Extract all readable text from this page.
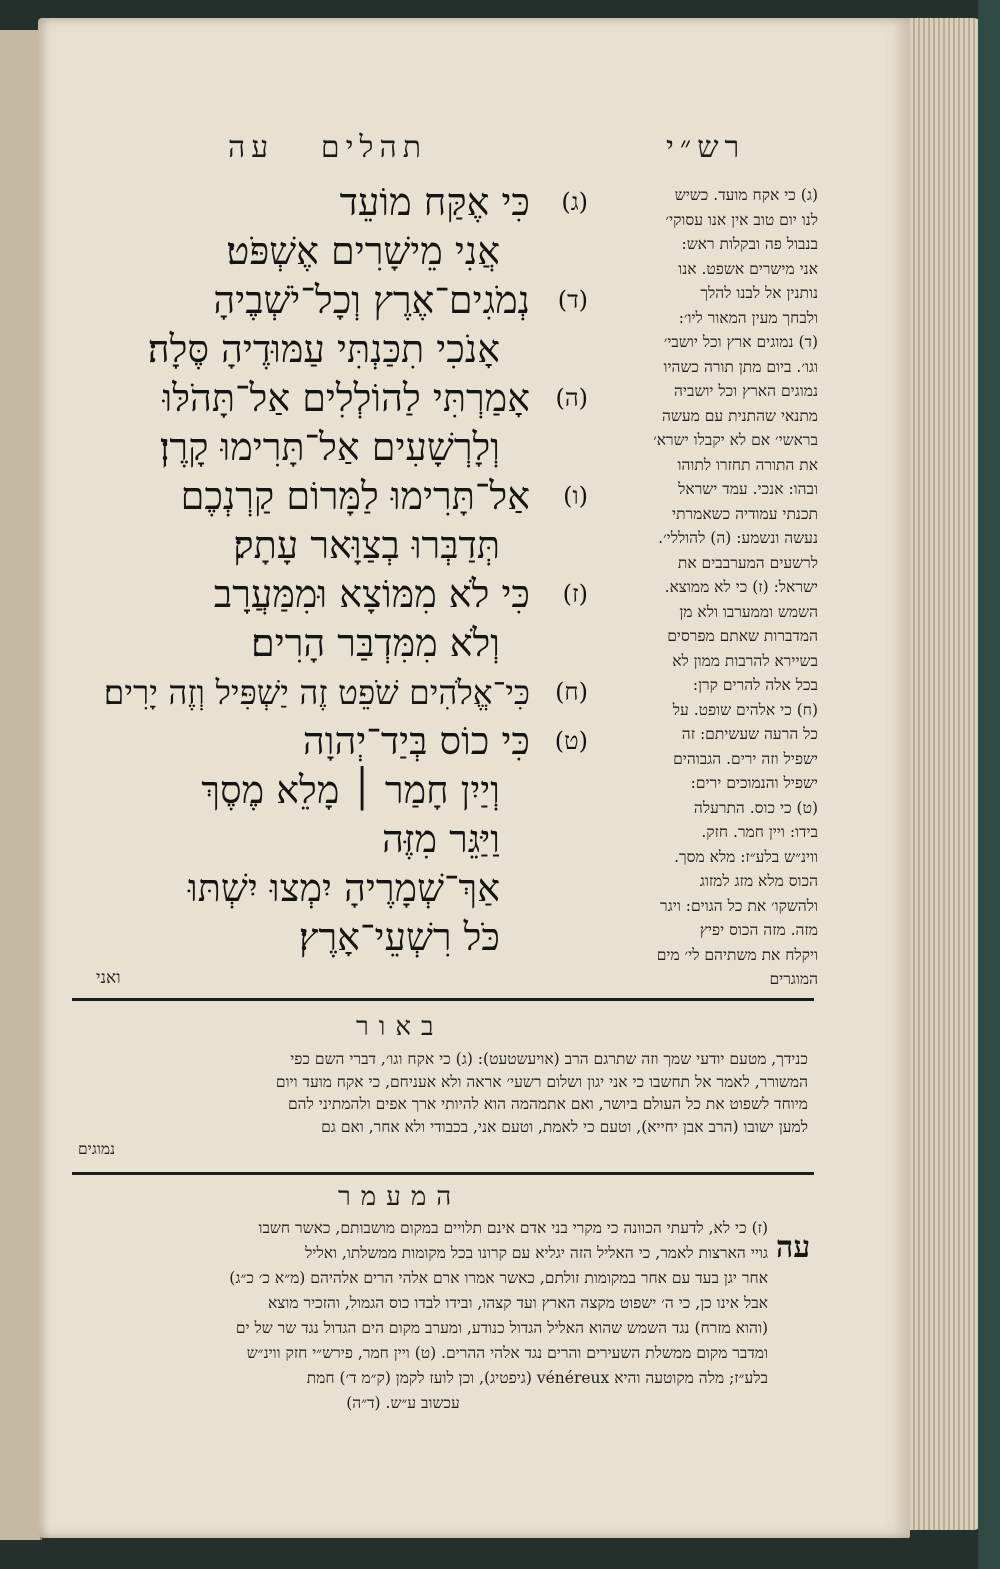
תהלים   עה	רש״י
(ג)
כִּי אֶקַּח מוֹעֵד
אֲנִי מֵישָׁרִים אֶשְׁפֹּט׃
(ד)
נְמֹגִים־אֶרֶץ וְכָל־יֹשְׁבֶיהָ
אָנֹכִי תִכַּנְתִּי עַמּוּדֶיהָ סֶּלָה׃
(ה)
אָמַרְתִּי לַהוֹלְלִים אַל־תָּהֹלּוּ
וְלָרְשָׁעִים אַל־תָּרִימוּ קָרֶן׃
(ו)
אַל־תָּרִימוּ לַמָּרוֹם קַרְנְכֶם
תְּדַבְּרוּ בְצַוָּאר עָתָק׃
(ז)
כִּי לֹא מִמּוֹצָא וּמִמַּעֲרָב
וְלֹא מִמִּדְבַּר הָרִים׃
(ח)
כִּי־אֱלֹהִים שֹׁפֵט זֶה יַשְׁפִּיל וְזֶה יָרִים׃
(ט)
כִּי כוֹס בְּיַד־יְהוָה
וְיַיִן חָמַר ׀ מָלֵא מֶסֶךְ
וַיַּגֵּר מִזֶּה
אַךְ־שְׁמָרֶיהָ יִמְצוּ יִשְׁתּוּ
כֹּל רִשְׁעֵי־אָרֶץ׃
ואני
(ג) כי אקח מועד. כשיש
לנו יום טוב אין אנו עסוקי׳
בנבול פה ובקלות ראש:
אני מישרים אשפט. אנו
נותנין אל לבנו להלך
ולבחך מעין המאור ליו׳:
(ד) נמוגים ארץ וכל יושבי׳
וגו׳. ביום מתן תורה כשהיו
נמוגים הארץ וכל יושביה
מתנאי שהתנית עם מעשה
בראשי׳ אם לא יקבלו ישרא׳
את התורה תחזרו לתוהו
ובהו: אנכי. עמד ישראל
תכנתי עמודיה כשאמרתי
נעשה ונשמע: (ה) להוללי׳.
לרשעים המערבבים את
ישראל: (ז) כי לא ממוצא.
השמש וממערבו ולא מן
המדברות שאתם מפרסים
בשיירא להרבות ממון לא
בכל אלה להרים קרן:
(ח) כי אלהים שופט. על
כל הרעה שעשיתם: זה
ישפיל וזה ירים. הגבוהים
ישפיל והנמוכים ירים:
(ט) כי כוס. התרעלה
בידו: ויין חמר. חזק.
ווינ״ש בלע״ז: מלא מסך.
הכוס מלא מזג למזוג
ולהשקו׳ את כל הגוים: ויגר
מזה. מזה הכוס יפיץ
ויקלח את משתיהם לי׳ מים
המוגרים
באור
כנידך, מטעם יודעי שמך וזה שתרגם הרב (אויעשטעט): (ג) כי אקח וגו׳, דברי השם כפי
המשורר, לאמר אל תחשבו כי אני יגון ושלום רשעי׳ אראה ולא אעניחם, כי אקח מועד ויום
מיוחד לשפוט את כל העולם ביושר, ואם אתמהמה הוא להיותי ארך אפים ולהמתיני להם
למען ישובו (הרב אבן יחייא), וטעם כי לאמת, וטעם אני, בכבודי ולא אחר, ואם גם
נמוגים
המעמר
עה
(ז) כי לא, לדעתי הכוונה כי מקרי בני אדם אינם תלויים במקום מושבותם, כאשר חשבו
גויי הארצות לאמר, כי האליל הזה יגליא עם קרונו בכל מקומות ממשלתו, ואליל
אחר יגן בעד עם אחר במקומות זולתם, כאשר אמרו ארם אלהי הרים אלהיהם (מ״א כ׳ כ״ג)
אבל אינו כן, כי ה׳ ישפוט מקצה הארץ ועד קצהו, ובידו לבדו כוס הגמול, והזכיר מוצא
(והוא מזרח) נגד השמש שהוא האליל הגדול כנודע, ומערב מקום הים הגדול נגד שר של ים
ומדבר מקום ממשלת השעירים והרים נגד אלהי ההרים. (ט) ויין חמר, פירש״י חזק ווינ״ש
בלע״ז; מלה מקוטעה והיא vénéreux (גיפטיג), וכן לועז לקמן (ק״מ ד׳) חמת
עכשוב ע״ש. (ד״ה)
